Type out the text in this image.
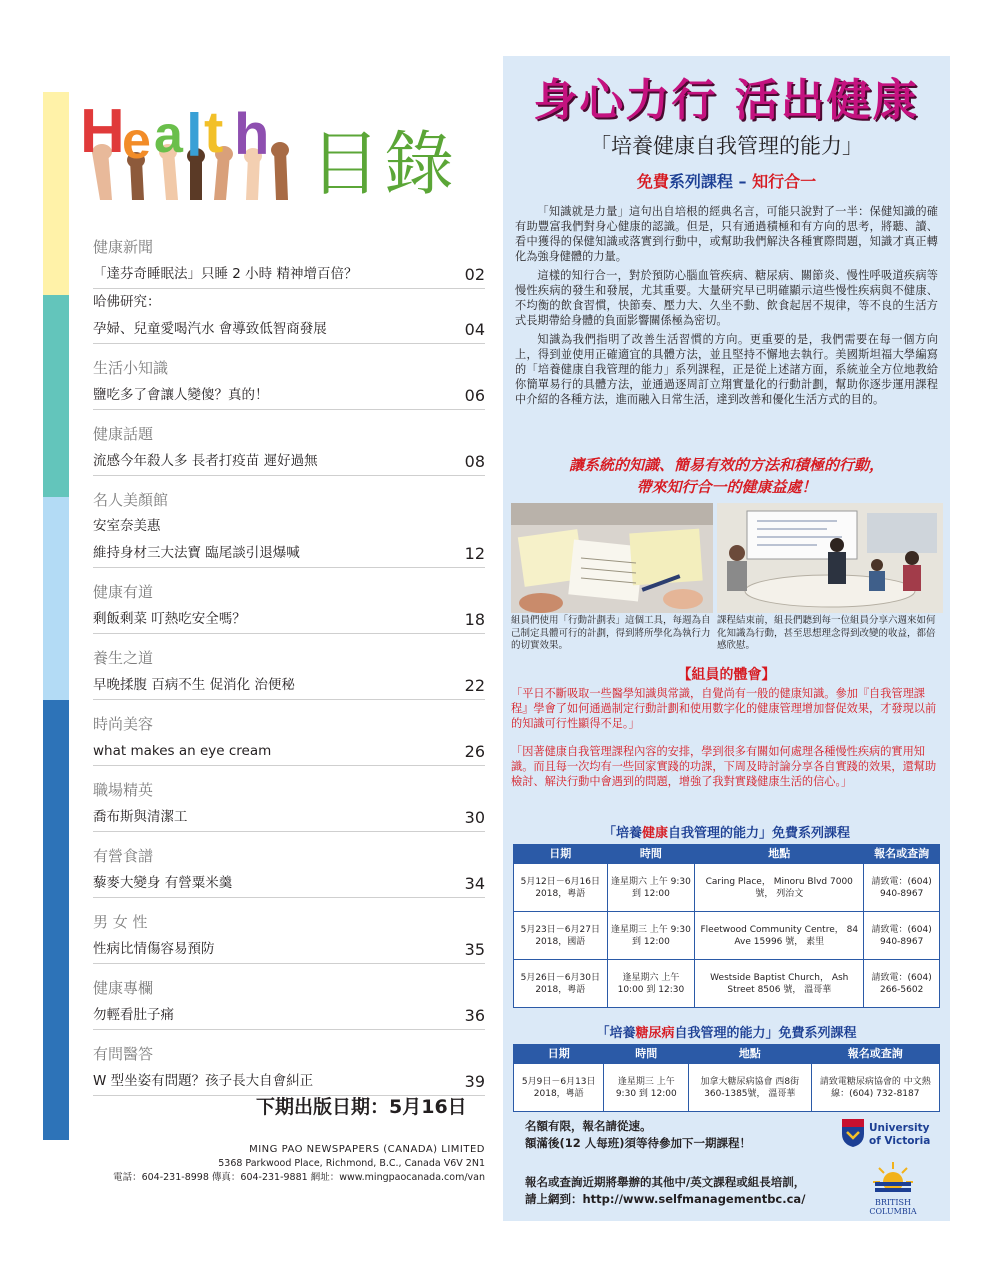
H
e a l t h 目錄
健康新聞
「達芬奇睡眠法」只睡 2 小時 精神增百倍？	02
哈佛研究：
孕婦、兒童愛喝汽水 會導致低智商發展	04
生活小知識
鹽吃多了會讓人變傻？真的！	06
健康話題
流感今年殺人多 長者打疫苗 遲好過無	08
名人美顏館
安室奈美惠
維持身材三大法寶 臨尾談引退爆喊	12
健康有道
剩飯剩菜 叮熱吃安全嗎？	18
養生之道
早晚揉腹 百病不生 促消化 治便秘	22
時尚美容
what makes an eye cream	26
職場精英
喬布斯與清潔工	30
有營食譜
藜麥大變身 有營粟米羹	34
男 女 性
性病比情傷容易預防	35
健康專欄
勿輕看肚子痛	36
有問醫答
W 型坐姿有問題？孩子長大自會糾正	39
下期出版日期：5月16日
MING PAO NEWSPAPERS (CANADA) LIMITED
5368 Parkwood Place, Richmond, B.C., Canada V6V 2N1
電話：604-231-8998 傳真：604-231-9881 網址：www.mingpaocanada.com/van
身心力行 活出健康
「培養健康自我管理的能力」
免費系列課程 – 知行合一

「知識就是力量」這句出自培根的經典名言，可能只說對了一半：保健知識的確有助豐富我們對身心健康的認識。但是，只有通過積極和有方向的思考，將聽、讀、看中獲得的保健知識或落實到行動中，或幫助我們解決各種實際問題，知識才真正轉化為強身健體的力量。

這樣的知行合一，對於預防心腦血管疾病、糖尿病、關節炎、慢性呼吸道疾病等慢性疾病的發生和發展，尤其重要。大量研究早已明確顯示這些慢性疾病與不健康、不均衡的飲食習慣，快節奏、壓力大、久坐不動、飲食起居不規律，等不良的生活方式長期帶給身體的負面影響關係極為密切。

知識為我們指明了改善生活習慣的方向。更重要的是，我們需要在每一個方向上，得到並使用正確適宜的具體方法，並且堅持不懈地去執行。美國斯坦福大學編寫的「培養健康自我管理的能力」系列課程，正是從上述諸方面，系統並全方位地教給你簡單易行的具體方法，並通過逐周訂立翔實量化的行動計劃，幫助你逐步運用課程中介紹的各種方法，進而融入日常生活，達到改善和優化生活方式的目的。

讓系統的知識、簡易有效的方法和積極的行動，
帶來知行合一的健康益處！
組員們使用「行動計劃表」這個工具，每週為自己制定具體可行的計劃，得到將所學化為執行力的切實效果。
課程結束前，組長們聽到每一位組員分享六週來如何化知識為行動，甚至思想理念得到改變的收益，都倍感欣慰。
【組員的體會】
「平日不斷吸取一些醫學知識與常識，自覺尚有一般的健康知識。參加『自我管理課程』學會了如何通過制定行動計劃和使用數字化的健康管理增加督促效果，才發現以前的知識可行性顯得不足。」
「因著健康自我管理課程內容的安排，學到很多有關如何處理各種慢性疾病的實用知識。而且每一次均有一些回家實踐的功課，下周及時討論分享各自實踐的效果，還幫助檢討、解決行動中會遇到的問題，增強了我對實踐健康生活的信心。」
「培養健康自我管理的能力」免費系列課程
日期	時間	地點	報名或查詢
5月12日－6月16日 2018，粵語	逢星期六 上午 9:30 到 12:00	Caring Place， Minoru Blvd 7000 號， 列治文	請致電：(604) 940-8967
5月23日－6月27日 2018，國語	逢星期三 上午 9:30 到 12:00	Fleetwood Community Centre， 84 Ave 15996 號， 素里	請致電：(604) 940-8967
5月26日－6月30日 2018，粵語	逢星期六 上午 10:00 到 12:30	Westside Baptist Church， Ash Street 8506 號， 溫哥華	請致電：(604) 266-5602
「培養糖尿病自我管理的能力」免費系列課程
日期	時間	地點	報名或查詢
5月9日－6月13日 2018，粵語	逢星期三 上午 9:30 到 12:00	加拿大糖尿病協會 西8街360-1385號， 溫哥華	請致電糖尿病協會的 中文熱線：(604) 732-8187
名額有限，報名請從速。
額滿後(12 人每班)須等待參加下一期課程！
University
of Victoria
報名或查詢近期將舉辦的其他中/英文課程或組長培訓，
請上網到：http://www.selfmanagementbc.ca/	BRITISH
COLUMBIA
